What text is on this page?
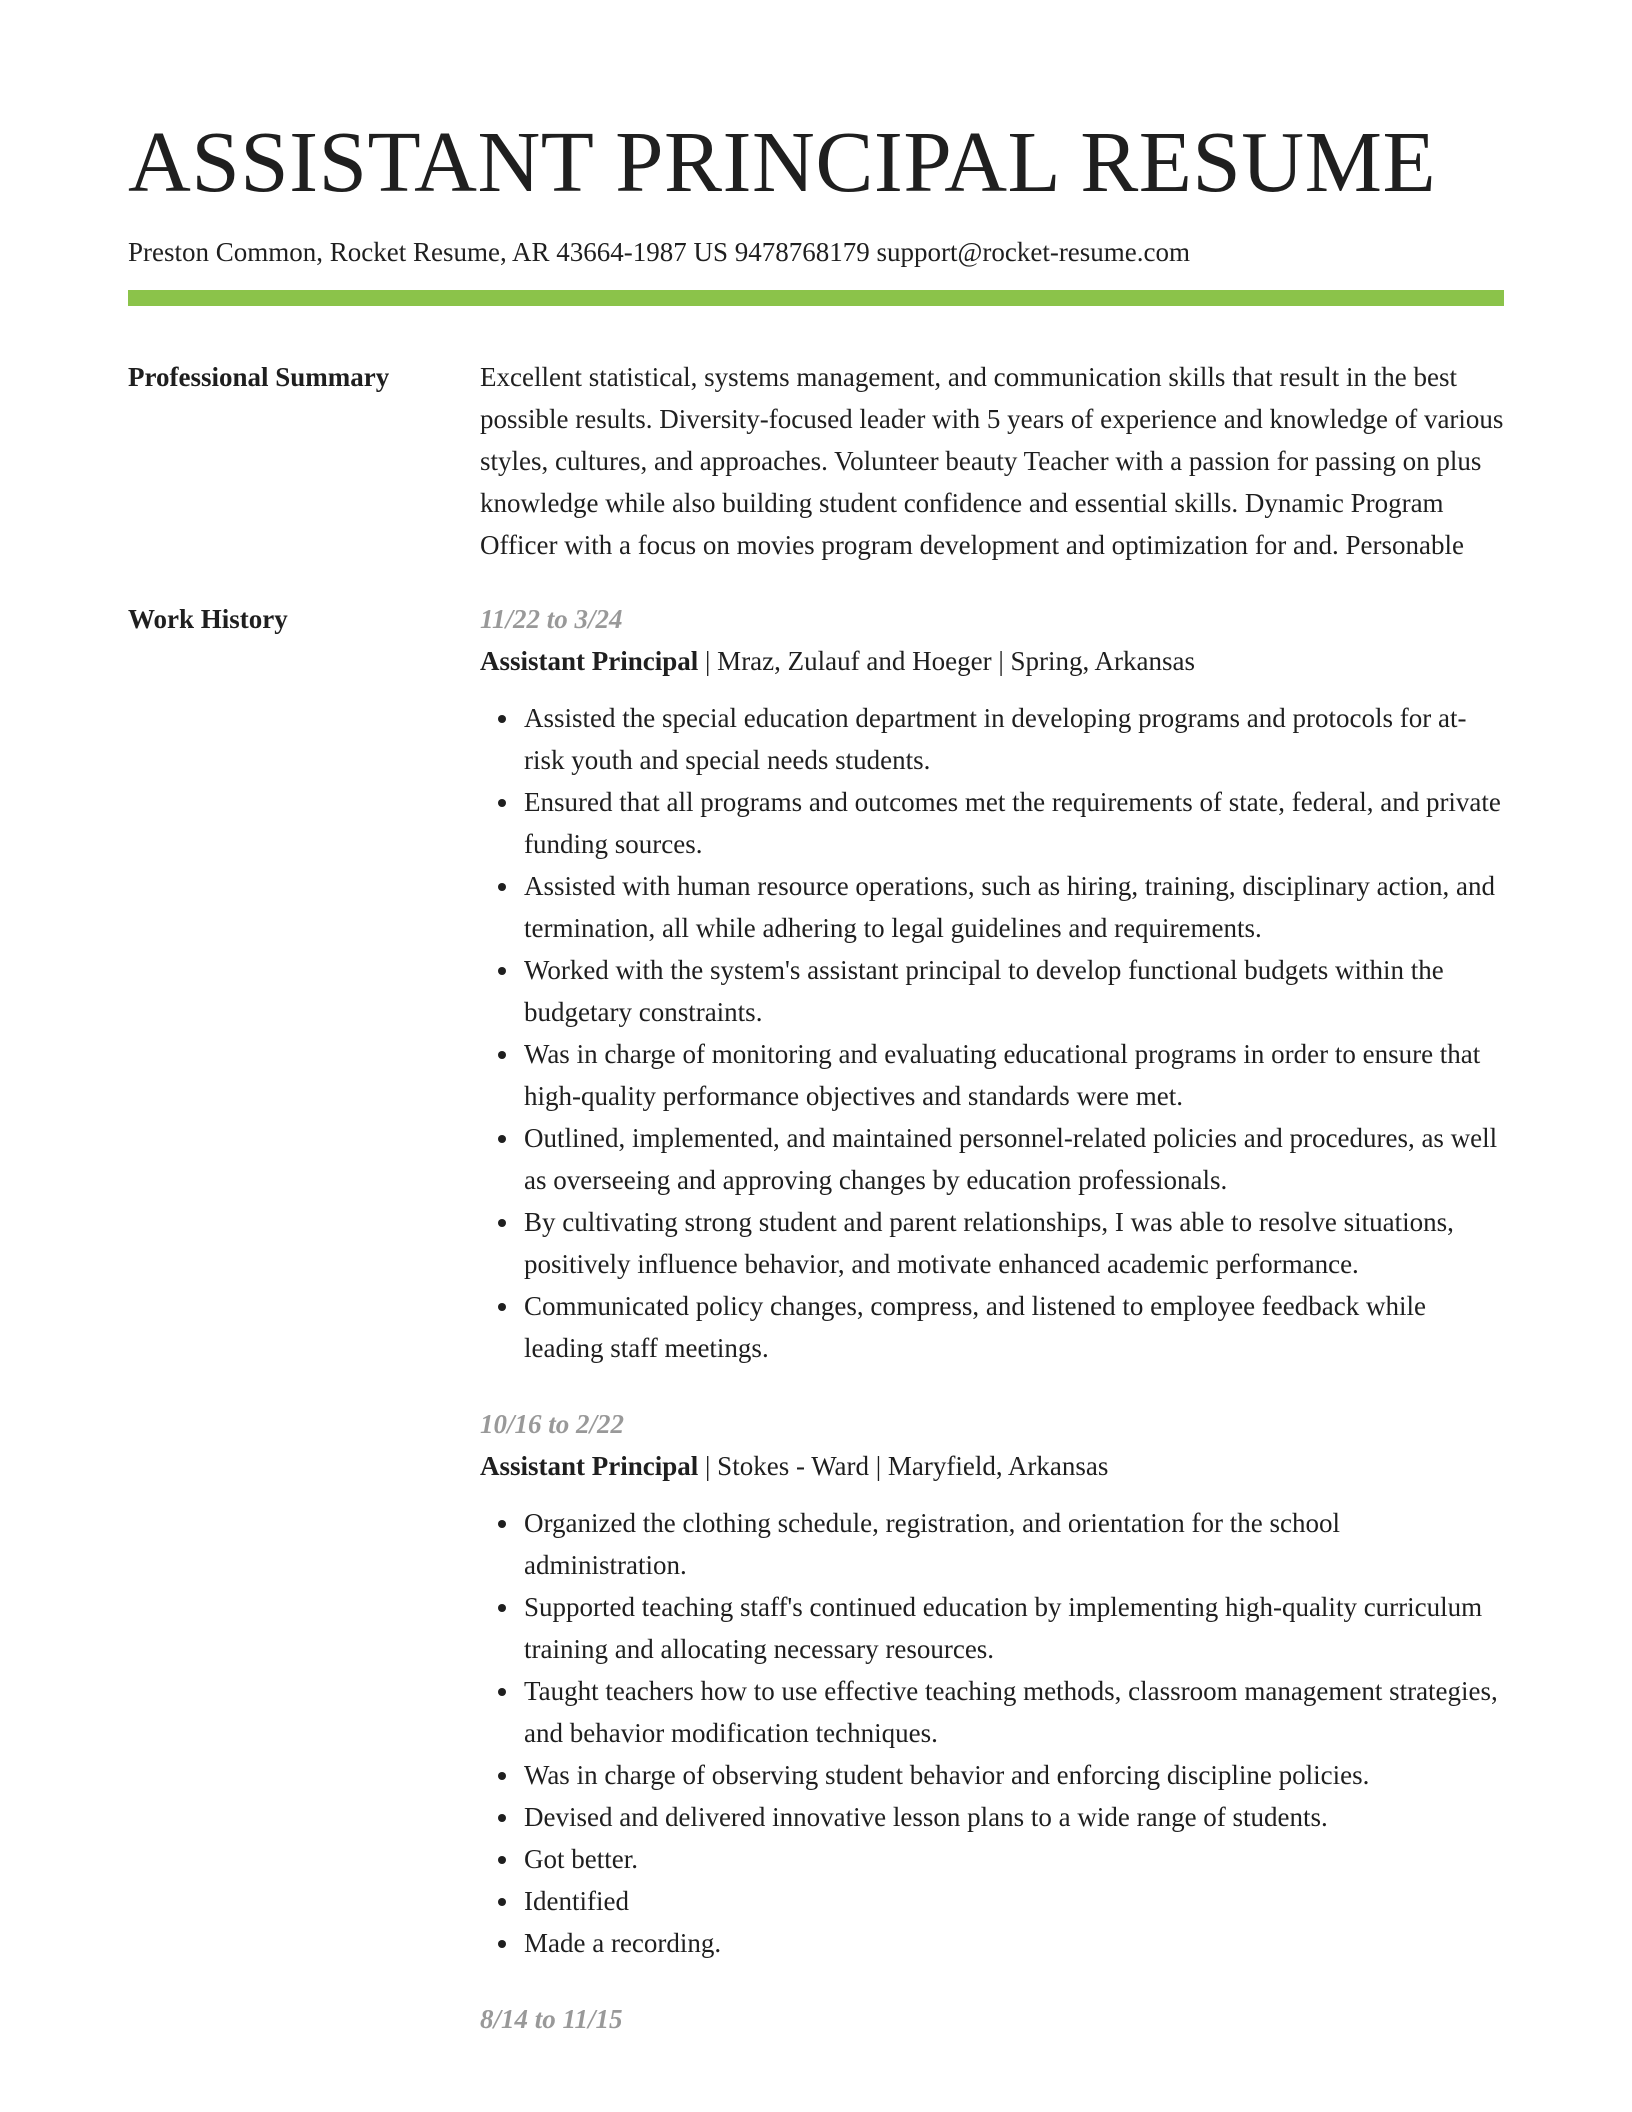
ASSISTANT PRINCIPAL RESUME
Preston Common, Rocket Resume, AR 43664-1987 US 9478768179 support@rocket-resume.com
Professional Summary	Excellent statistical, systems management, and communication skills that result in the best possible results. Diversity-focused leader with 5 years of experience and knowledge of various styles, cultures, and approaches. Volunteer beauty Teacher with a passion for passing on plus knowledge while also building student confidence and essential skills. Dynamic Program Officer with a focus on movies program development and optimization for and. Personable

Work History	11/22 to 3/24
Assistant Principal | Mraz, Zulauf and Hoeger | Spring, Arkansas
Assisted the special education department in developing programs and protocols for at-risk youth and special needs students.
Ensured that all programs and outcomes met the requirements of state, federal, and private funding sources.
Assisted with human resource operations, such as hiring, training, disciplinary action, and termination, all while adhering to legal guidelines and requirements.
Worked with the system's assistant principal to develop functional budgets within the budgetary constraints.
Was in charge of monitoring and evaluating educational programs in order to ensure that high-quality performance objectives and standards were met.
Outlined, implemented, and maintained personnel-related policies and procedures, as well as overseeing and approving changes by education professionals.
By cultivating strong student and parent relationships, I was able to resolve situations, positively influence behavior, and motivate enhanced academic performance.
Communicated policy changes, compress, and listened to employee feedback while leading staff meetings.
10/16 to 2/22
Assistant Principal | Stokes - Ward | Maryfield, Arkansas
Organized the clothing schedule, registration, and orientation for the school administration.
Supported teaching staff's continued education by implementing high-quality curriculum training and allocating necessary resources.
Taught teachers how to use effective teaching methods, classroom management strategies, and behavior modification techniques.
Was in charge of observing student behavior and enforcing discipline policies.
Devised and delivered innovative lesson plans to a wide range of students.
Got better.
Identified
Made a recording.
8/14 to 11/15
